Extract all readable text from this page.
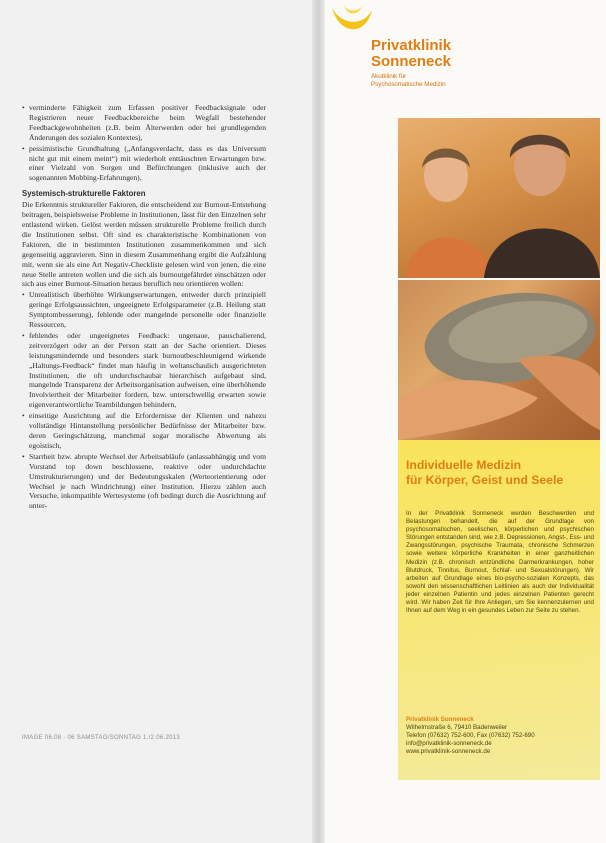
• verminderte Fähigkeit zum Erfassen positiver Feedbacksignale oder Registrieren neuer Feedbackbereiche beim Wegfall bestehender Feedbackgewohnheiten (z.B. beim Älterwerden oder bei grundlegenden Änderungen des sozialen Kontextes),

• pessimistische Grundhaltung („Anfangsverdacht, dass es das Universum nicht gut mit einem meint“) mit wiederholt enttäuschten Erwartungen bzw. einer Vielzahl von Sorgen und Befürchtungen (inklusive auch der sogenannten Mobbing-Erfahrungen).

Systemisch-strukturelle Faktoren

Die Erkenntnis struktureller Faktoren, die entscheidend zur Burnout-Entstehung beitragen, beispielsweise Probleme in Institutionen, lässt für den Einzelnen sehr entlastend wirken. Gelöst werden müssen strukturelle Probleme freilich durch die Institutionen selbst. Oft sind es charakteristische Kombinationen von Faktoren, die in bestimmten Institutionen zusammenkommen und sich gegenseitig aggravieren. Sinn in diesem Zusammenhang ergibt die Aufzählung mit, wenn sie als eine Art Negativ-Checkliste gelesen wird von jenen, die eine neue Stelle antreten wollen und die sich als burnoutgefährdet einschätzen oder sich aus einer Burnout-Situation heraus beruflich neu orientieren wollen:

• Unrealistisch überhöhte Wirkungserwartungen, entweder durch prinzipiell geringe Erfolgsaussichten, ungeeignete Erfolgsparameter (z.B. Heilung statt Symptombesserung), fehlende oder mangelnde personelle oder finanzielle Ressourcen,

• fehlendes oder ungeeignetes Feedback: ungenaue, pauschalierend, zeitverzögert oder an der Person statt an der Sache orientiert. Dieses leistungsmindernde und besonders stark burnoutbeschleunigend wirkende „Haltungs-Feedback“ findet man häufig in weltanschaulich ausgerichteten Institutionen, die oft undurchschaubar hierarchisch aufgebaut sind, mangelnde Transparenz der Arbeitsorganisation aufweisen, eine überhöhende Involviertheit der Mitarbeiter fordern, bzw. unterschwellig erwarten sowie eigenverantwortliche Teambildungen behindern,

• einseitige Ausrichtung auf die Erfordernisse der Klienten und nahezu vollständige Hintanstellung persönlicher Bedürfnisse der Mitarbeiter bzw. deren Geringschätzung, manchmal sogar moralische Abwertung als egoistisch,

• Starrheit bzw. abrupte Wechsel der Arbeitsabläufe (anlassabhängig und vom Vorstand top down beschlossene, reaktive oder undurchdachte Umstrukturierungen) und der Bedeutungsskalen (Werteorientierung oder Wechsel je nach Windrichtung) einer Institution. Hierzu zählen auch Versuche, inkompatible Wertesysteme (oft bedingt durch die Ausrichtung auf unter-

IMAGE 06.08 · 06 SAMSTAG/SONNTAG 1./2.06.2013
Privatklinik
Sonneneck
Akutklinik für
Psychosomatische Medizin
Individuelle Medizin
für Körper, Geist und Seele
In der Privatklinik Sonneneck werden Beschwerden und Belastungen behandelt, die auf der Grundlage von psychosomatischen, seelischen, körperlichen und psychischen Störungen entstanden sind, wie z.B. Depressionen, Angst-, Ess- und Zwangsstörungen, psychische Traumata, chronische Schmerzen sowie weitere körperliche Krankheiten in einer ganzheitlichen Medizin (z.B. chronisch entzündliche Darmerkrankungen, hoher Blutdruck, Tinnitus, Burnout, Schlaf- und Sexualstörungen). Wir arbeiten auf Grundlage eines bio-psycho-sozialen Konzepts, das sowohl den wissenschaftlichen Leitlinien als auch der Individualität jeder einzelnen Patientin und jedes einzelnen Patienten gerecht wird. Wir haben Zeit für Ihre Anliegen, um Sie kennenzulernen und Ihnen auf dem Weg in ein gesundes Leben zur Seite zu stehen.
Privatklinik Sonneneck
Wilhelmstraße 6, 79410 Badenweiler
Telefon (07632) 752-600, Fax (07632) 752-690
info@privatklinik-sonneneck.de
www.privatklinik-sonneneck.de
